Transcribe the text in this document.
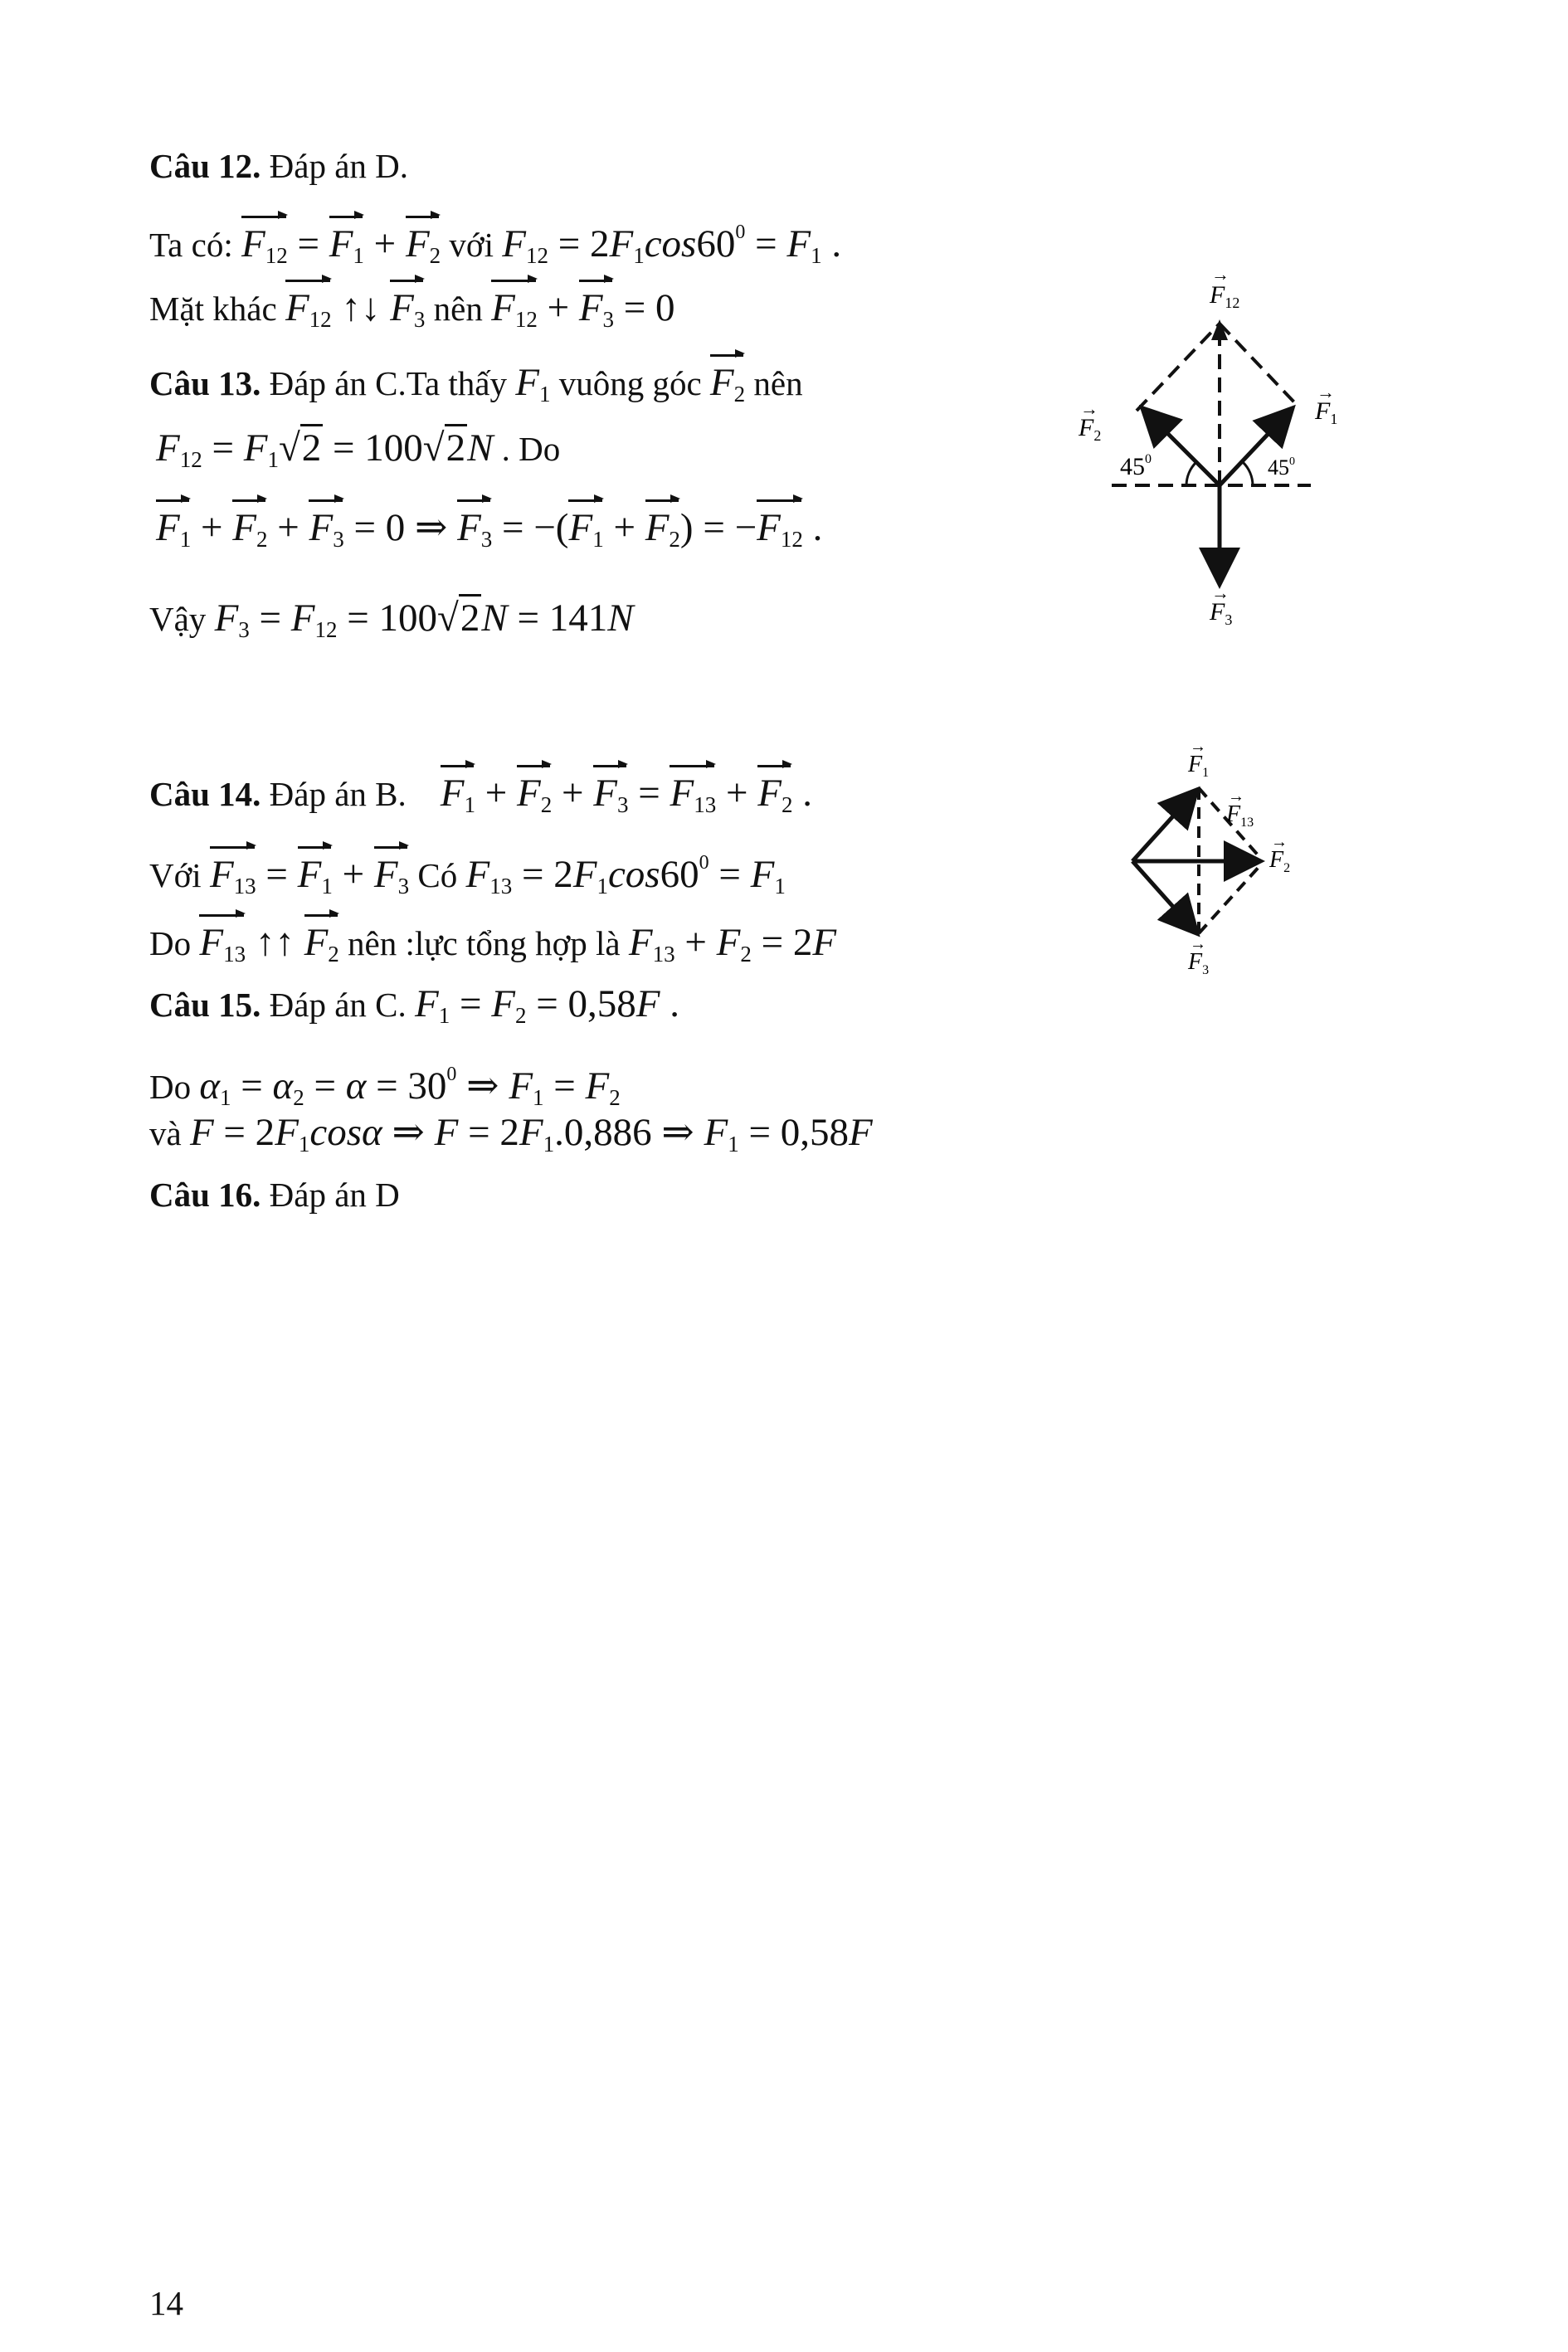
Câu 12. Đáp án D.
Ta có: $F_{12} = F_1 + F_2$ với $F_{12} = 2F_1\cos 60^0 = F_1$ .
Mặt khác $F_{12}$ ↑↓ $F_3$ nên $F_{12} + F_3 = 0$
Câu 13. Đáp án C.Ta thấy $F_1$ vuông góc $F_2$ nên
$F_{12} = F_1√2 = 100√2N$ . Do
$F_1 + F_2 + F_3 = 0$ ⇒ $F_3 = -(F_1 + F_2) = -F_{12}$ .
Vậy $F_3 = F_{12} = 100√2N = 141N$
$F_{12}$
→
$F_2$
→	$F_1$
→
$F_3$
→
$45^0$	$45^0$
Câu 14. Đáp án B. $F_1 + F_2 + F_3 = F_{13} + F_2$ .
Với $F_{13} = F_1 + F_3$ Có $F_{13} = 2F_1\cos 60^0 = F_1$
Do $F_{13}$ ↑↑ $F_2$ nên :lực tổng hợp là $F_{13} + F_2 = 2F$
$F_1$
→
$F_{13}$
→
$F_2$
→
$F_3$
→
Câu 15. Đáp án C. $F_1 = F_2 = 0,58F$ .
Do $\alpha_1 = \alpha_2 = \alpha = 30^0$ ⇒ $F_1 = F_2$
và $F = 2F_1\cos\alpha$ ⇒ $F = 2F_1.0,886$ ⇒ $F_1 = 0,58F$
Câu 16. Đáp án D
14
